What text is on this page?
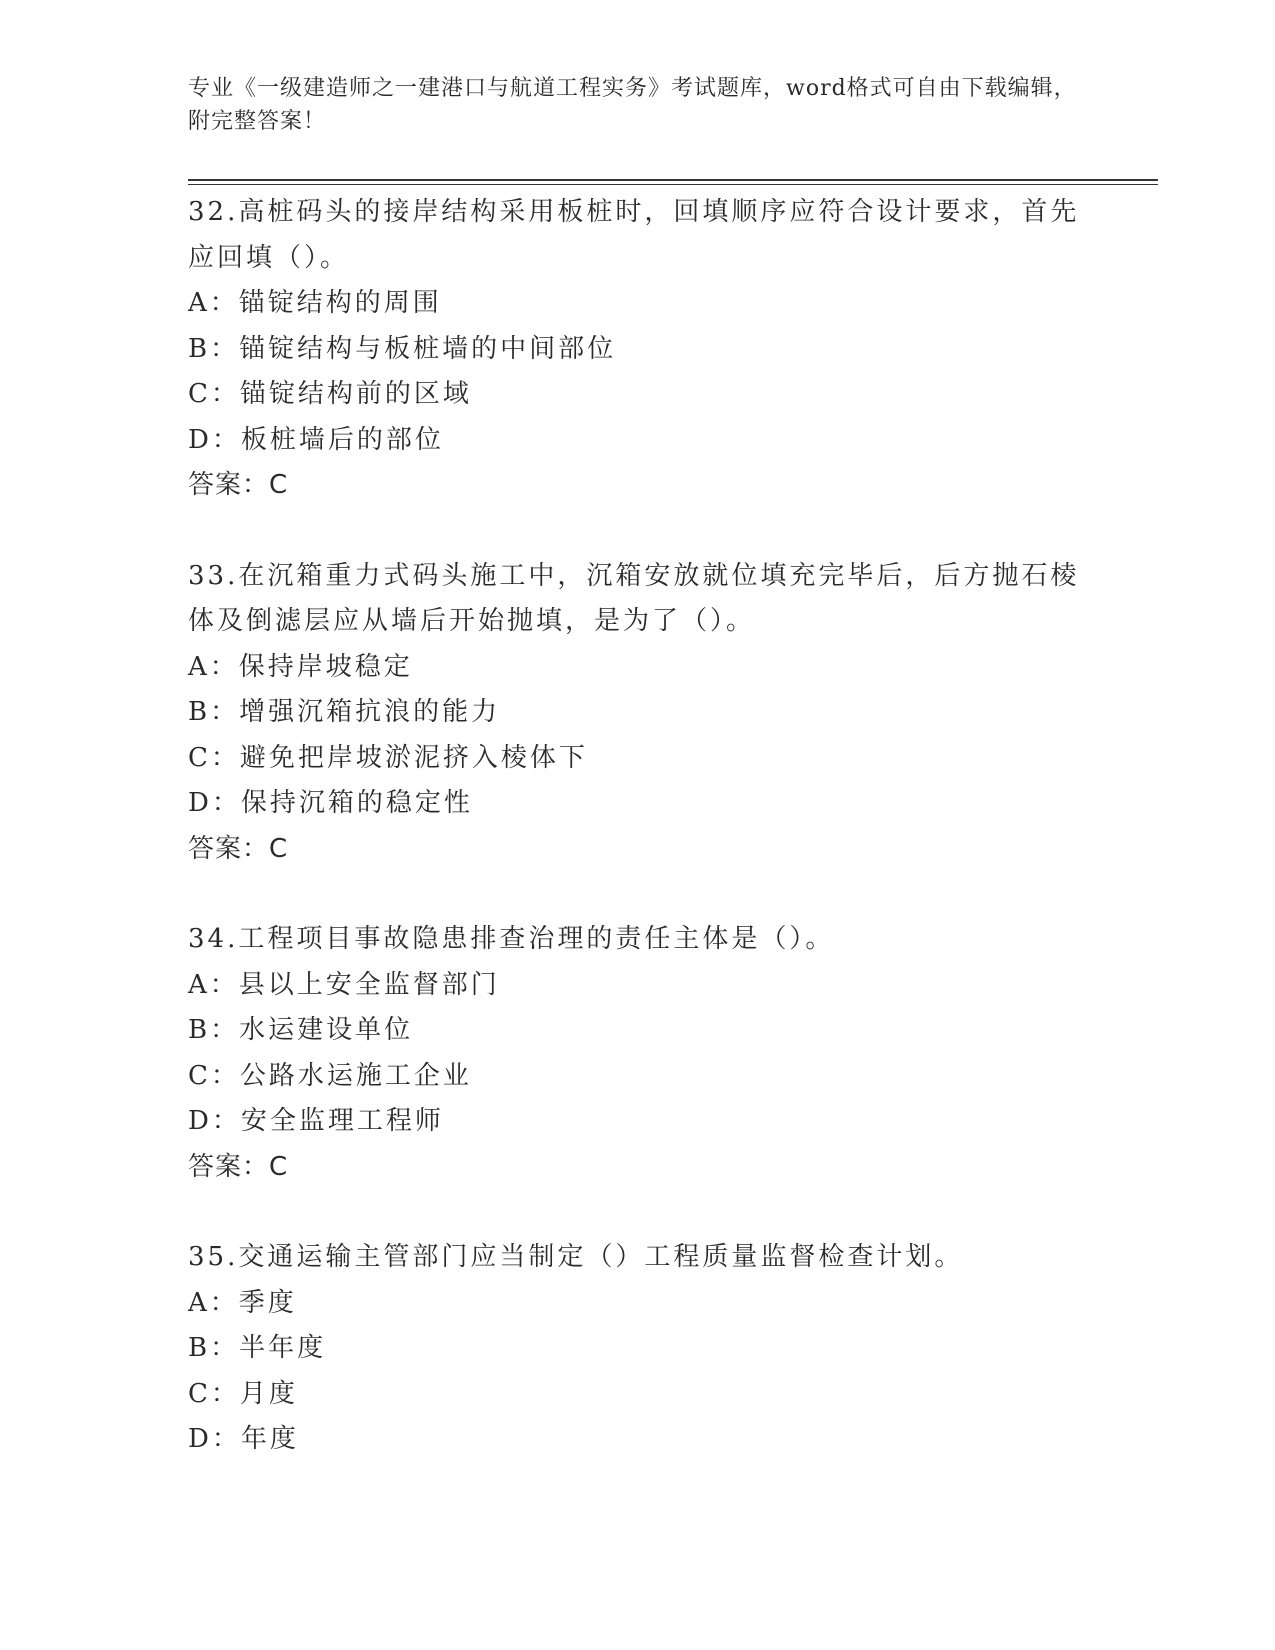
专业《一级建造师之一建港口与航道工程实务》考试题库，word格式可自由下载编辑，附完整答案！
32.高桩码头的接岸结构采用板桩时，回填顺序应符合设计要求，首先应回填（）。
A：锚锭结构的周围
B：锚锭结构与板桩墙的中间部位
C：锚锭结构前的区域
D：板桩墙后的部位
答案：C
33.在沉箱重力式码头施工中，沉箱安放就位填充完毕后，后方抛石棱体及倒滤层应从墙后开始抛填，是为了（）。
A：保持岸坡稳定
B：增强沉箱抗浪的能力
C：避免把岸坡淤泥挤入棱体下
D：保持沉箱的稳定性
答案：C
34.工程项目事故隐患排查治理的责任主体是（）。
A：县以上安全监督部门
B：水运建设单位
C：公路水运施工企业
D：安全监理工程师
答案：C
35.交通运输主管部门应当制定（）工程质量监督检查计划。
A：季度
B：半年度
C：月度
D：年度
